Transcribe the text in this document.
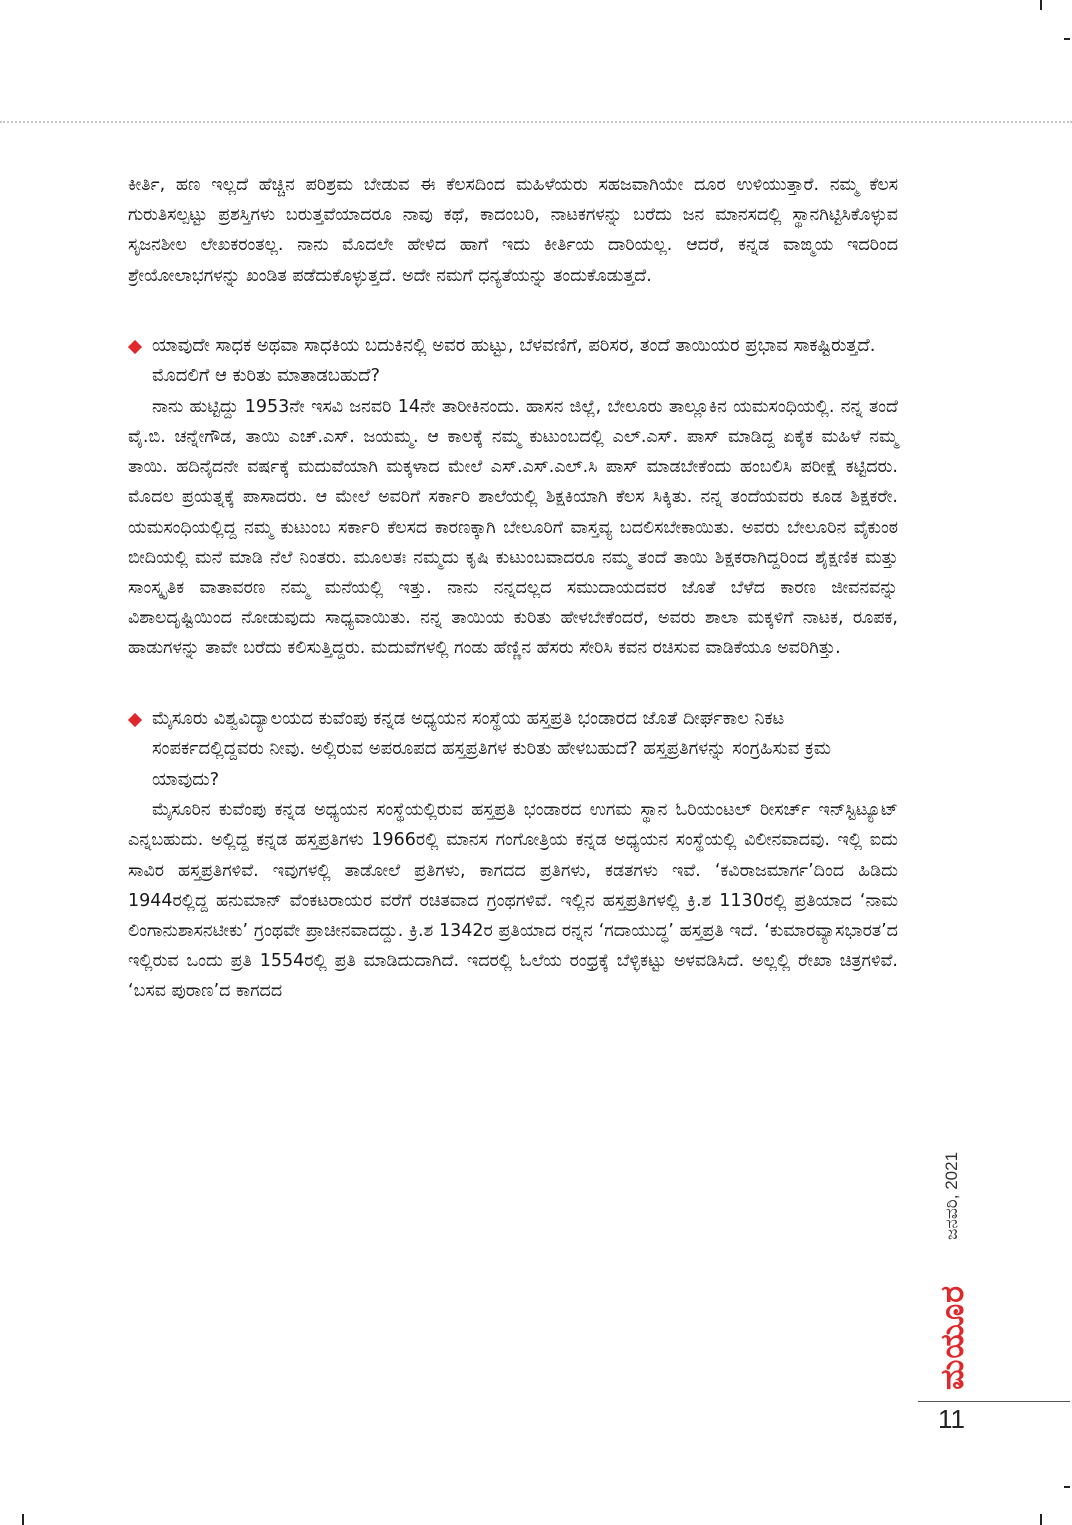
ಕೀರ್ತಿ, ಹಣ ಇಲ್ಲದೆ ಹೆಚ್ಚಿನ ಪರಿಶ್ರಮ ಬೇಡುವ ಈ ಕೆಲಸದಿಂದ ಮಹಿಳೆಯರು ಸಹಜವಾಗಿಯೇ ದೂರ ಉಳಿಯುತ್ತಾರೆ. ನಮ್ಮ ಕೆಲಸ ಗುರುತಿಸಲ್ಪಟ್ಟು ಪ್ರಶಸ್ತಿಗಳು ಬರುತ್ತವೆಯಾದರೂ ನಾವು ಕಥೆ, ಕಾದಂಬರಿ, ನಾಟಕಗಳನ್ನು ಬರೆದು ಜನ ಮಾನಸದಲ್ಲಿ ಸ್ಥಾನಗಿಟ್ಟಿಸಿಕೊಳ್ಳುವ ಸೃಜನಶೀಲ ಲೇಖಕರಂತಲ್ಲ. ನಾನು ಮೊದಲೇ ಹೇಳಿದ ಹಾಗೆ ಇದು ಕೀರ್ತಿಯ ದಾರಿಯಲ್ಲ. ಆದರೆ, ಕನ್ನಡ ವಾಙ್ಮಯ ಇದರಿಂದ ಶ್ರೇಯೋಲಾಭಗಳನ್ನು ಖಂಡಿತ ಪಡೆದುಕೊಳ್ಳುತ್ತದೆ. ಅದೇ ನಮಗೆ ಧನ್ಯತೆಯನ್ನು ತಂದುಕೊಡುತ್ತದೆ.

ಯಾವುದೇ ಸಾಧಕ ಅಥವಾ ಸಾಧಕಿಯ ಬದುಕಿನಲ್ಲಿ ಅವರ ಹುಟ್ಟು, ಬೆಳವಣಿಗೆ, ಪರಿಸರ, ತಂದೆ ತಾಯಿಯರ ಪ್ರಭಾವ ಸಾಕಷ್ಟಿರುತ್ತದೆ. ಮೊದಲಿಗೆ ಆ ಕುರಿತು ಮಾತಾಡಬಹುದೆ?

ನಾನು ಹುಟ್ಟಿದ್ದು 1953ನೇ ಇಸವಿ ಜನವರಿ 14ನೇ ತಾರೀಕಿನಂದು. ಹಾಸನ ಜಿಲ್ಲೆ, ಬೇಲೂರು ತಾಲ್ಲೂಕಿನ ಯಮಸಂಧಿಯಲ್ಲಿ. ನನ್ನ ತಂದೆ ವೈ.ಬಿ. ಚನ್ನೇಗೌಡ, ತಾಯಿ ಎಚ್.ಎಸ್. ಜಯಮ್ಮ. ಆ ಕಾಲಕ್ಕೆ ನಮ್ಮ ಕುಟುಂಬದಲ್ಲಿ ಎಲ್.ಎಸ್. ಪಾಸ್ ಮಾಡಿದ್ದ ಏಕೈಕ ಮಹಿಳೆ ನಮ್ಮ ತಾಯಿ. ಹದಿನೈದನೇ ವರ್ಷಕ್ಕೆ ಮದುವೆಯಾಗಿ ಮಕ್ಕಳಾದ ಮೇಲೆ ಎಸ್.ಎಸ್.ಎಲ್.ಸಿ ಪಾಸ್ ಮಾಡಬೇಕೆಂದು ಹಂಬಲಿಸಿ ಪರೀಕ್ಷೆ ಕಟ್ಟಿದರು. ಮೊದಲ ಪ್ರಯತ್ನಕ್ಕೆ ಪಾಸಾದರು. ಆ ಮೇಲೆ ಅವರಿಗೆ ಸರ್ಕಾರಿ ಶಾಲೆಯಲ್ಲಿ ಶಿಕ್ಷಕಿಯಾಗಿ ಕೆಲಸ ಸಿಕ್ಕಿತು. ನನ್ನ ತಂದೆಯವರು ಕೂಡ ಶಿಕ್ಷಕರೇ. ಯಮಸಂಧಿಯಲ್ಲಿದ್ದ ನಮ್ಮ ಕುಟುಂಬ ಸರ್ಕಾರಿ ಕೆಲಸದ ಕಾರಣಕ್ಕಾಗಿ ಬೇಲೂರಿಗೆ ವಾಸ್ತವ್ಯ ಬದಲಿಸಬೇಕಾಯಿತು. ಅವರು ಬೇಲೂರಿನ ವೈಕುಂಠ ಬೀದಿಯಲ್ಲಿ ಮನೆ ಮಾಡಿ ನೆಲೆ ನಿಂತರು. ಮೂಲತಃ ನಮ್ಮದು ಕೃಷಿ ಕುಟುಂಬವಾದರೂ ನಮ್ಮ ತಂದೆ ತಾಯಿ ಶಿಕ್ಷಕರಾಗಿದ್ದರಿಂದ ಶೈಕ್ಷಣಿಕ ಮತ್ತು ಸಾಂಸ್ಕೃತಿಕ ವಾತಾವರಣ ನಮ್ಮ ಮನೆಯಲ್ಲಿ ಇತ್ತು. ನಾನು ನನ್ನದಲ್ಲದ ಸಮುದಾಯದವರ ಜೊತೆ ಬೆಳೆದ ಕಾರಣ ಜೀವನವನ್ನು ವಿಶಾಲದೃಷ್ಟಿಯಿಂದ ನೋಡುವುದು ಸಾಧ್ಯವಾಯಿತು. ನನ್ನ ತಾಯಿಯ ಕುರಿತು ಹೇಳಬೇಕೆಂದರೆ, ಅವರು ಶಾಲಾ ಮಕ್ಕಳಿಗೆ ನಾಟಕ, ರೂಪಕ, ಹಾಡುಗಳನ್ನು ತಾವೇ ಬರೆದು ಕಲಿಸುತ್ತಿದ್ದರು. ಮದುವೆಗಳಲ್ಲಿ ಗಂಡು ಹೆಣ್ಣಿನ ಹೆಸರು ಸೇರಿಸಿ ಕವನ ರಚಿಸುವ ವಾಡಿಕೆಯೂ ಅವರಿಗಿತ್ತು.

ಮೈಸೂರು ವಿಶ್ವವಿದ್ಯಾಲಯದ ಕುವೆಂಪು ಕನ್ನಡ ಅಧ್ಯಯನ ಸಂಸ್ಥೆಯ ಹಸ್ತಪ್ರತಿ ಭಂಡಾರದ ಜೊತೆ ದೀರ್ಘಕಾಲ ನಿಕಟ ಸಂಪರ್ಕದಲ್ಲಿದ್ದವರು ನೀವು. ಅಲ್ಲಿರುವ ಅಪರೂಪದ ಹಸ್ತಪ್ರತಿಗಳ ಕುರಿತು ಹೇಳಬಹುದೆ? ಹಸ್ತಪ್ರತಿಗಳನ್ನು ಸಂಗ್ರಹಿಸುವ ಕ್ರಮ ಯಾವುದು?

ಮೈಸೂರಿನ ಕುವೆಂಪು ಕನ್ನಡ ಅಧ್ಯಯನ ಸಂಸ್ಥೆಯಲ್ಲಿರುವ ಹಸ್ತಪ್ರತಿ ಭಂಡಾರದ ಉಗಮ ಸ್ಥಾನ ಓರಿಯಂಟಲ್ ರೀಸರ್ಚ್ ಇನ್‌ಸ್ಟಿಟ್ಯೂಟ್ ಎನ್ನಬಹುದು. ಅಲ್ಲಿದ್ದ ಕನ್ನಡ ಹಸ್ತಪ್ರತಿಗಳು 1966ರಲ್ಲಿ ಮಾನಸ ಗಂಗೋತ್ರಿಯ ಕನ್ನಡ ಅಧ್ಯಯನ ಸಂಸ್ಥೆಯಲ್ಲಿ ವಿಲೀನವಾದವು. ಇಲ್ಲಿ ಐದು ಸಾವಿರ ಹಸ್ತಪ್ರತಿಗಳಿವೆ. ಇವುಗಳಲ್ಲಿ ತಾಡೋಲೆ ಪ್ರತಿಗಳು, ಕಾಗದದ ಪ್ರತಿಗಳು, ಕಡತಗಳು ಇವೆ. ‘ಕವಿರಾಜಮಾರ್ಗ’ದಿಂದ ಹಿಡಿದು 1944ರಲ್ಲಿದ್ದ ಹನುಮಾನ್ ವೆಂಕಟರಾಯರ ವರೆಗೆ ರಚಿತವಾದ ಗ್ರಂಥಗಳಿವೆ. ಇಲ್ಲಿನ ಹಸ್ತಪ್ರತಿಗಳಲ್ಲಿ ಕ್ರಿ.ಶ 1130ರಲ್ಲಿ ಪ್ರತಿಯಾದ ‘ನಾಮ ಲಿಂಗಾನುಶಾಸನಟೀಕು’ ಗ್ರಂಥವೇ ಪ್ರಾಚೀನವಾದದ್ದು. ಕ್ರಿ.ಶ 1342ರ ಪ್ರತಿಯಾದ ರನ್ನನ ‘ಗದಾಯುದ್ಧ’ ಹಸ್ತಪ್ರತಿ ಇದೆ. ‘ಕುಮಾರವ್ಯಾಸಭಾರತ’ದ ಇಲ್ಲಿರುವ ಒಂದು ಪ್ರತಿ 1554ರಲ್ಲಿ ಪ್ರತಿ ಮಾಡಿದುದಾಗಿದೆ. ಇದರಲ್ಲಿ ಓಲೆಯ ರಂಧ್ರಕ್ಕೆ ಬೆಳ್ಳಿಕಟ್ಟು ಅಳವಡಿಸಿದೆ. ಅಲ್ಲಲ್ಲಿ ರೇಖಾ ಚಿತ್ರಗಳಿವೆ. ‘ಬಸವ ಪುರಾಣ’ದ ಕಾಗದದ

ಜನವರಿ, 2021
ಮಯೂರ
11
